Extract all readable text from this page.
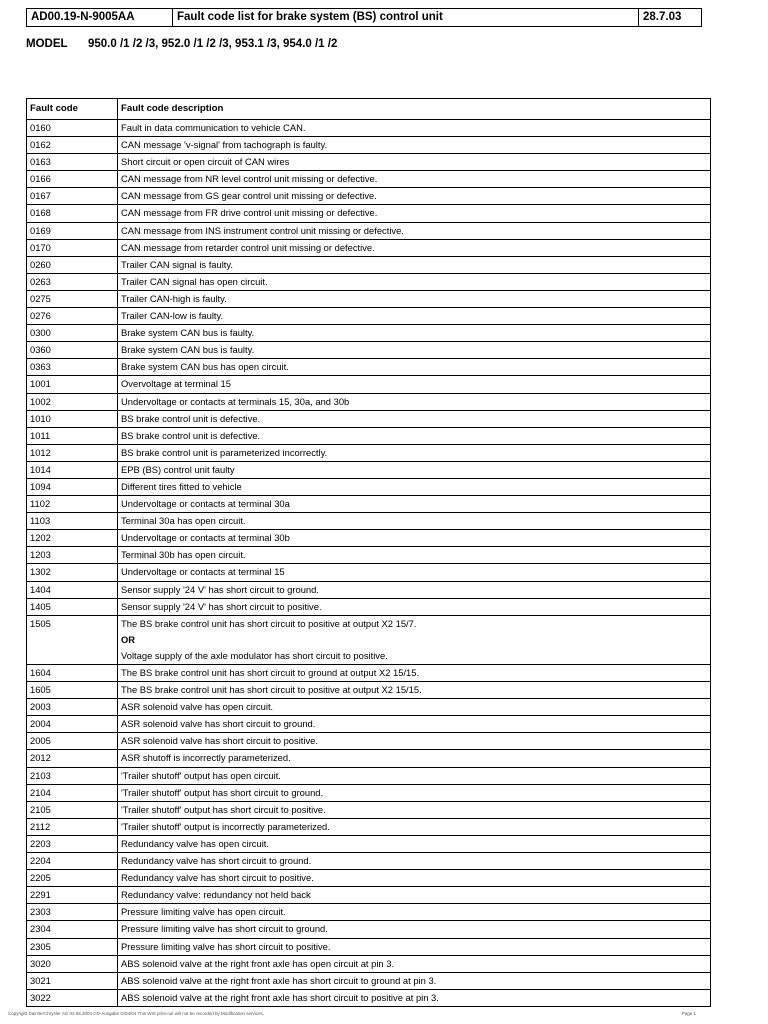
AD00.19-N-9005AA	Fault code list for brake system (BS) control unit	28.7.03
MODEL 950.0 /1 /2 /3, 952.0 /1 /2 /3, 953.1 /3, 954.0 /1 /2
Fault code	Fault code description
0160	Fault in data communication to vehicle CAN.

0162	CAN message 'v-signal' from tachograph is faulty.

0163	Short circuit or open circuit of CAN wires

0166	CAN message from NR level control unit missing or defective.

0167	CAN message from GS gear control unit missing or defective.

0168	CAN message from FR drive control unit missing or defective.

0169	CAN message from INS instrument control unit missing or defective.

0170	CAN message from retarder control unit missing or defective.

0260	Trailer CAN signal is faulty.

0263	Trailer CAN signal has open circuit.

0275	Trailer CAN-high is faulty.

0276	Trailer CAN-low is faulty.

0300	Brake system CAN bus is faulty.

0360	Brake system CAN bus is faulty.

0363	Brake system CAN bus has open circuit.

1001	Overvoltage at terminal 15

1002	Undervoltage or contacts at terminals 15, 30a, and 30b

1010	BS brake control unit is defective.

1011	BS brake control unit is defective.

1012	BS brake control unit is parameterized incorrectly.

1014	EPB (BS) control unit faulty

1094	Different tires fitted to vehicle

1102	Undervoltage or contacts at terminal 30a

1103	Terminal 30a has open circuit.

1202	Undervoltage or contacts at terminal 30b

1203	Terminal 30b has open circuit.

1302	Undervoltage or contacts at terminal 15

1404	Sensor supply '24 V' has short circuit to ground.

1405	Sensor supply '24 V' has short circuit to positive.

1505	The BS brake control unit has short circuit to positive at output X2 15/7.
OR
Voltage supply of the axle modulator has short circuit to positive.

1604	The BS brake control unit has short circuit to ground at output X2 15/15.

1605	The BS brake control unit has short circuit to positive at output X2 15/15.

2003	ASR solenoid valve has open circuit.

2004	ASR solenoid valve has short circuit to ground.

2005	ASR solenoid valve has short circuit to positive.

2012	ASR shutoff is incorrectly parameterized.

2103	'Trailer shutoff' output has open circuit.

2104	'Trailer shutoff' output has short circuit to ground.

2105	'Trailer shutoff' output has short circuit to positive.

2112	'Trailer shutoff' output is incorrectly parameterized.

2203	Redundancy valve has open circuit.

2204	Redundancy valve has short circuit to ground.

2205	Redundancy valve has short circuit to positive.

2291	Redundancy valve: redundancy not held back

2303	Pressure limiting valve has open circuit.

2304	Pressure limiting valve has short circuit to ground.

2305	Pressure limiting valve has short circuit to positive.

3020	ABS solenoid valve at the right front axle has open circuit at pin 3.

3021	ABS solenoid valve at the right front axle has short circuit to ground at pin 3.

3022	ABS solenoid valve at the right front axle has short circuit to positive at pin 3.
Copyright DaimlerChrysler AG 02.06.2004 CD-Ausgabe G/04/04 This WIS print-out will not be recorded by Modification services.	Page 1
